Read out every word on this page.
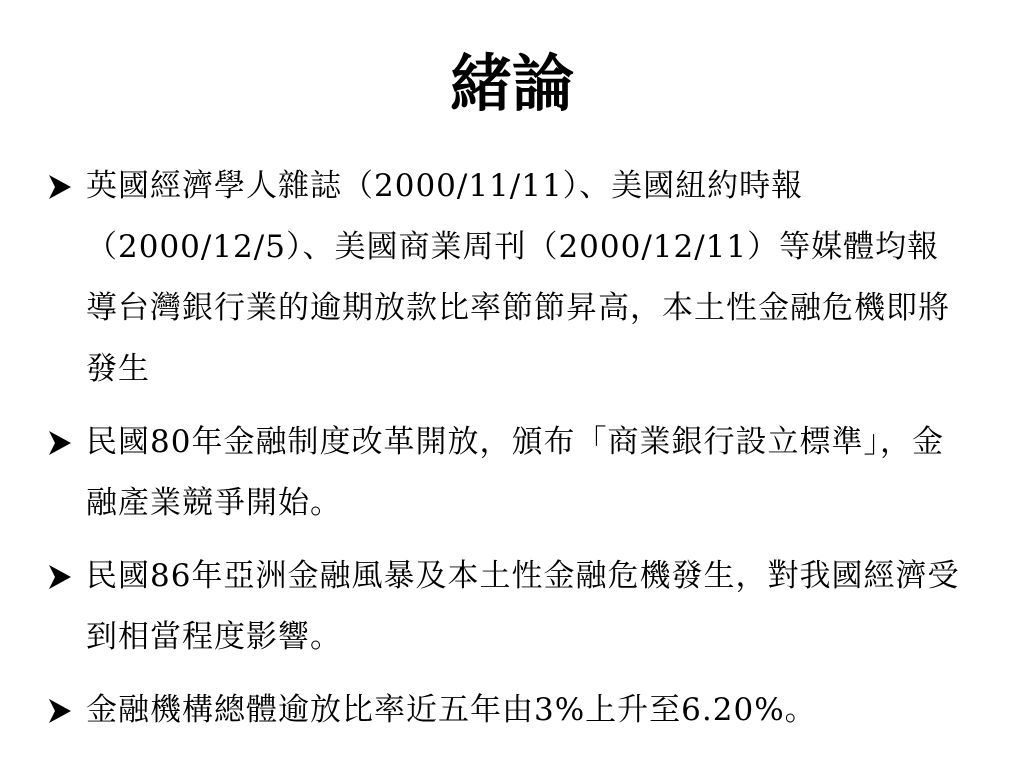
緒論
英國經濟學人雜誌（2000/11/11）、美國紐約時報（2000/12/5）、美國商業周刊（2000/12/11）等媒體均報導台灣銀行業的逾期放款比率節節昇高，本土性金融危機即將發生
民國80年金融制度改革開放，頒布「商業銀行設立標準」，金融產業競爭開始。
民國86年亞洲金融風暴及本土性金融危機發生，對我國經濟受到相當程度影響。
金融機構總體逾放比率近五年由3%上升至6.20%。
